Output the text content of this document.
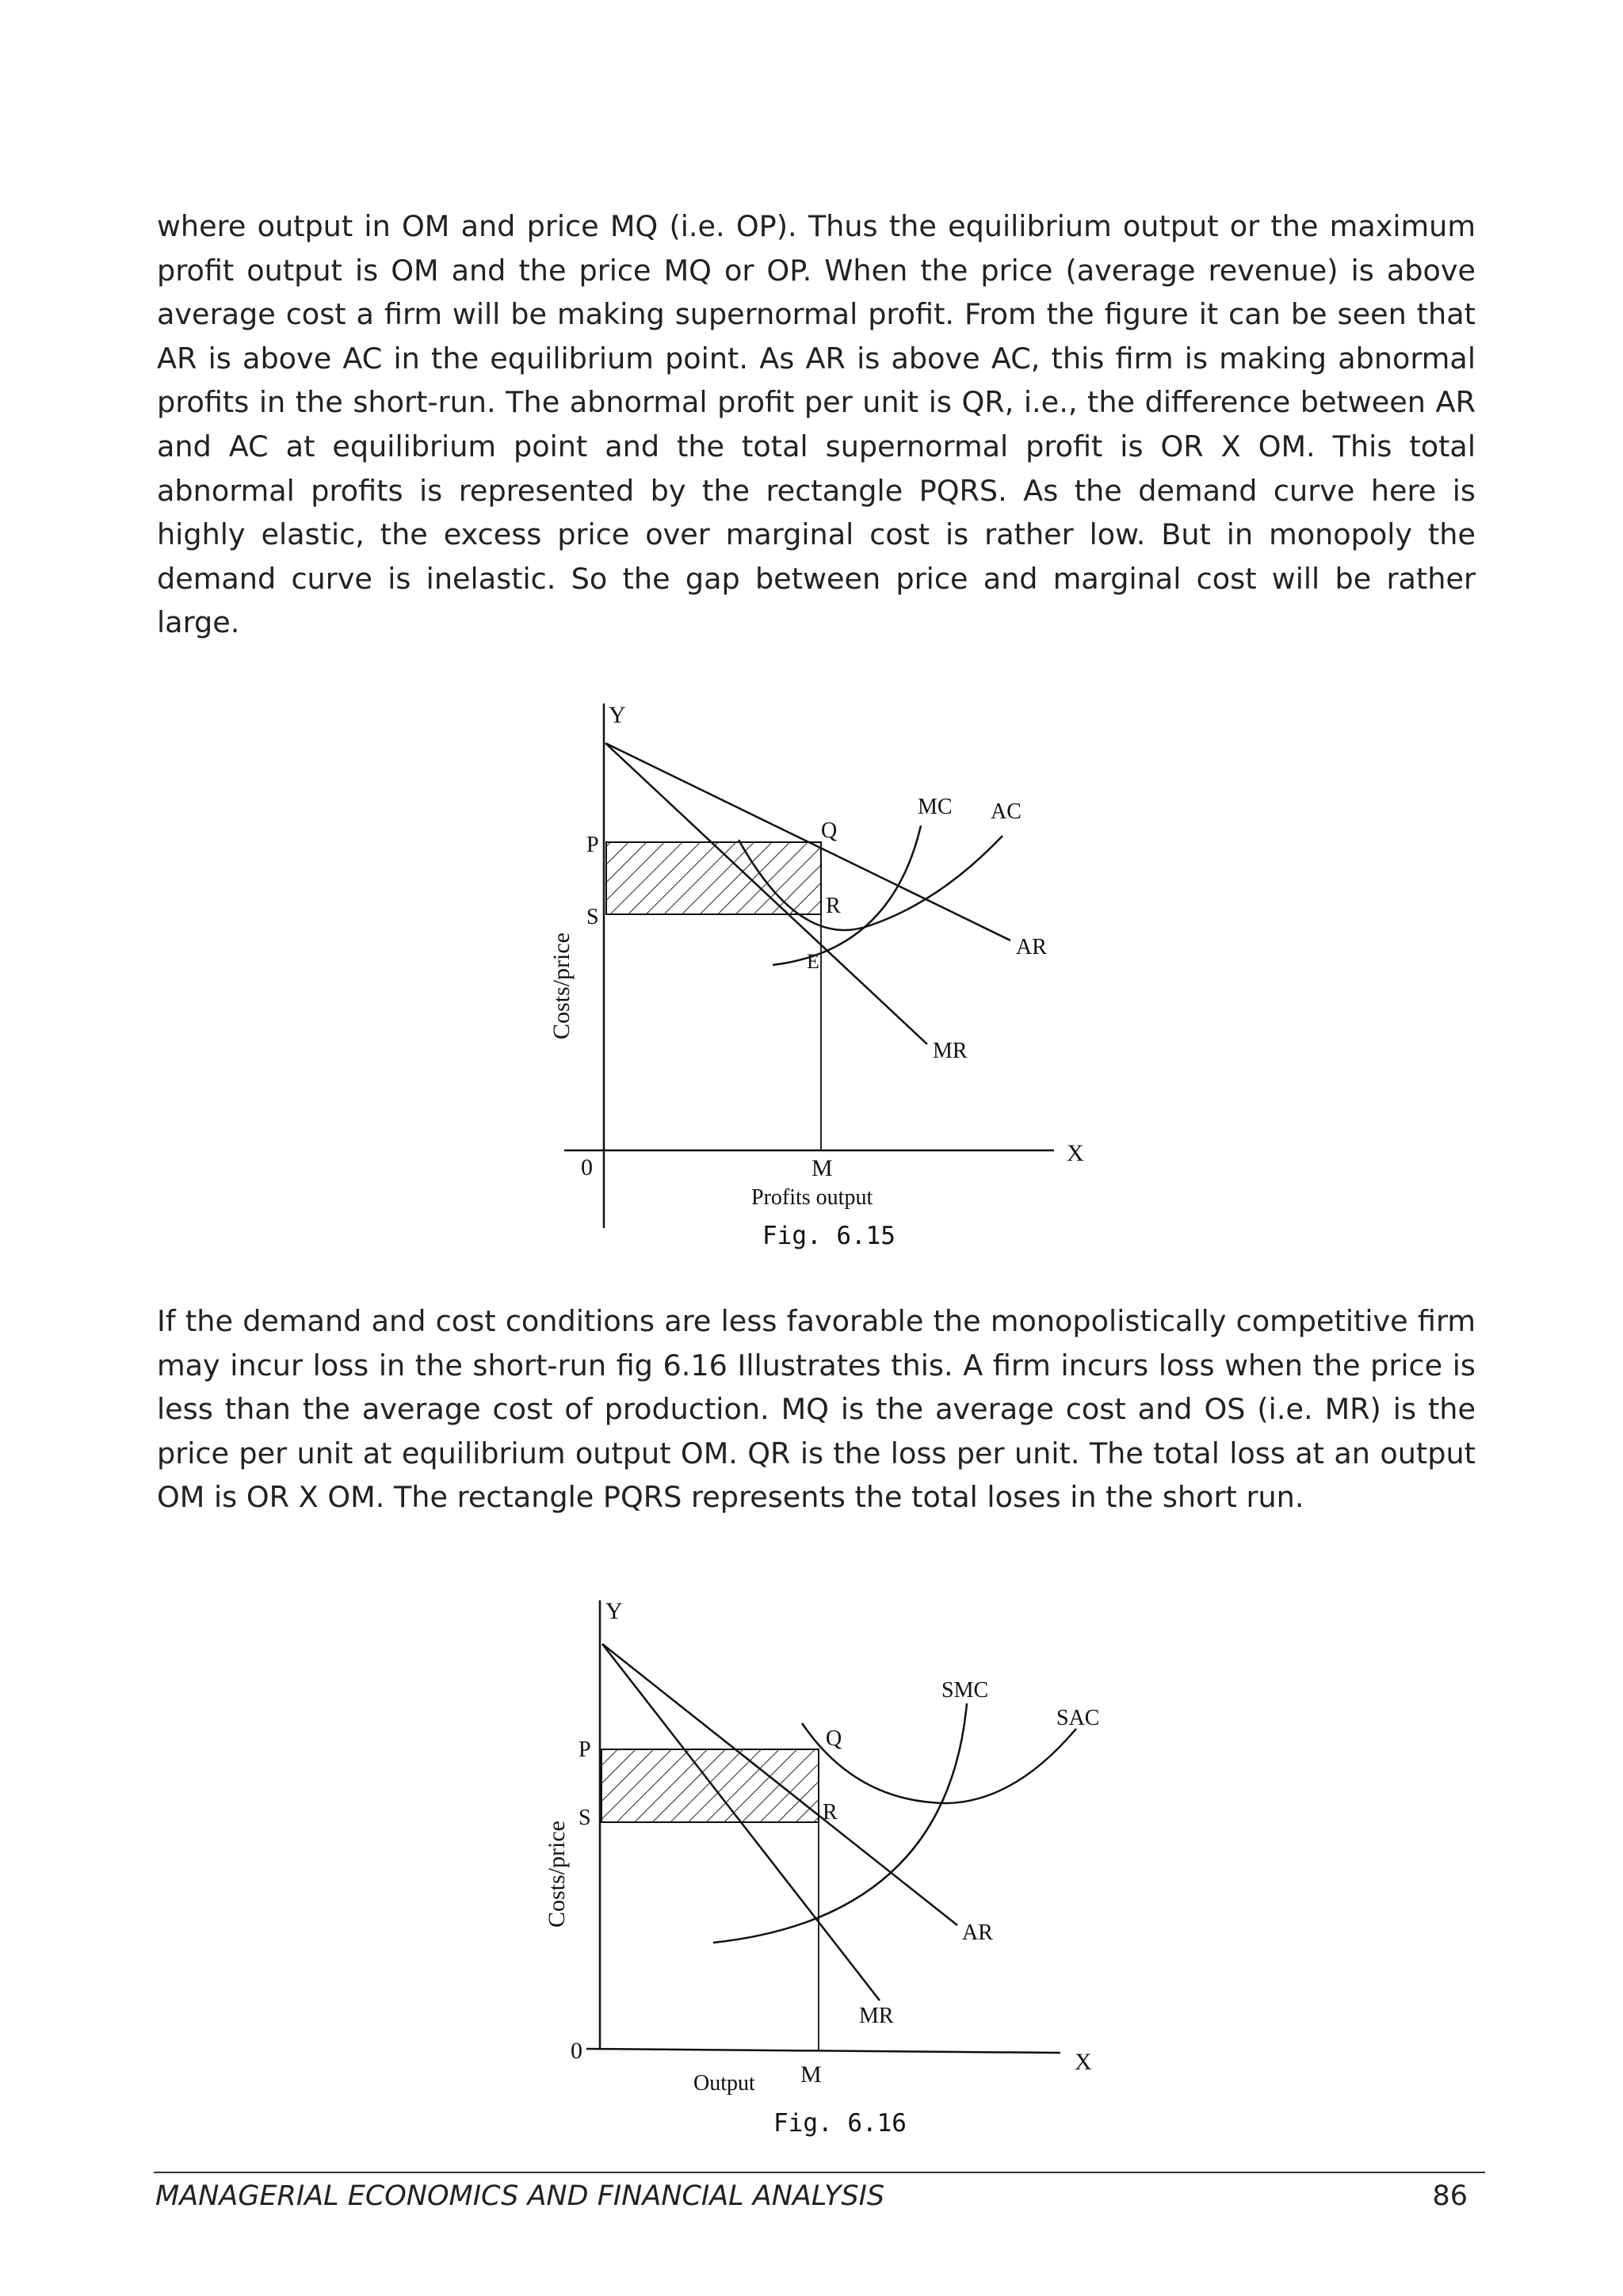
where output in OM and price MQ (i.e. OP). Thus the equilibrium output or the maximum profit output is OM and the price MQ or OP. When the price (average revenue) is above average cost a firm will be making supernormal profit. From the figure it can be seen that AR is above AC in the equilibrium point. As AR is above AC, this firm is making abnormal profits in the short-run. The abnormal profit per unit is QR, i.e., the difference between AR and AC at equilibrium point and the total supernormal profit is OR X OM. This total abnormal profits is represented by the rectangle PQRS. As the demand curve here is highly elastic, the excess price over marginal cost is rather low. But in monopoly the demand curve is inelastic. So the gap between price and marginal cost will be rather large.

Y
X
0	M
P
S
Q
R
E
MC AC
AR
MR
Costs/price
Profits output
Fig. 6.15

If the demand and cost conditions are less favorable the monopolistically competitive firm may incur loss in the short-run fig 6.16 Illustrates this. A firm incurs loss when the price is less than the average cost of production. MQ is the average cost and OS (i.e. MR) is the price per unit at equilibrium output OM. QR is the loss per unit. The total loss at an output OM is OR X OM. The rectangle PQRS represents the total loses in the short run.

Y
X
0
M
P
S
Q
R
SMC
SAC
AR
MR
Costs/price
Output
Fig. 6.16
MANAGERIAL ECONOMICS AND FINANCIAL ANALYSIS	86
